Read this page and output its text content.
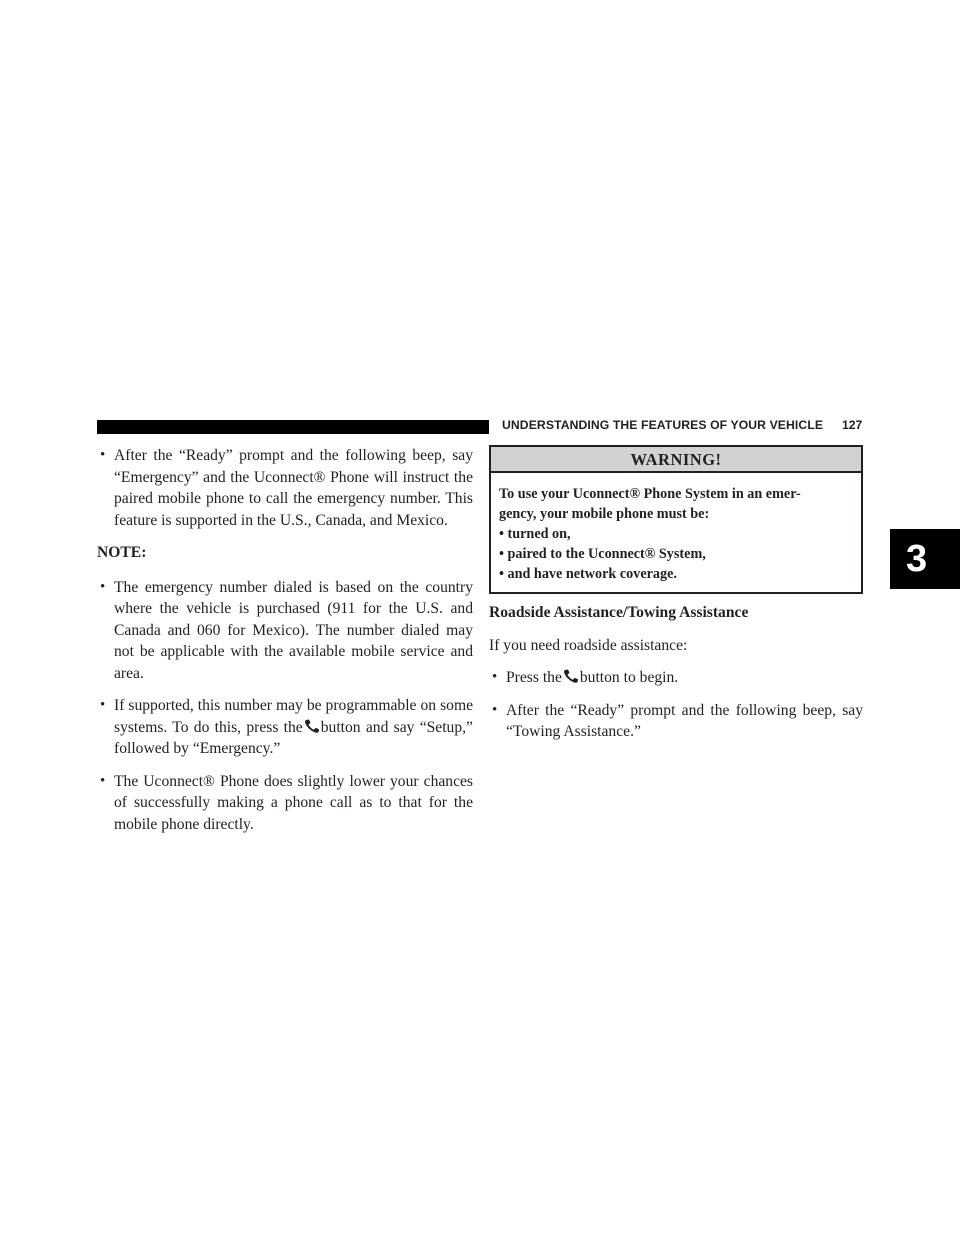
UNDERSTANDING THE FEATURES OF YOUR VEHICLE 127
3
• After the “Ready” prompt and the following beep, say “Emergency” and the Uconnect® Phone will instruct the paired mobile phone to call the emergency number. This feature is supported in the U.S., Canada, and Mexico.
NOTE:
• The emergency number dialed is based on the country where the vehicle is purchased (911 for the U.S. and Canada and 060 for Mexico). The number dialed may not be applicable with the available mobile service and area.
• If supported, this number may be programmable on some systems. To do this, press the button and say “Setup,” followed by “Emergency.”
• The Uconnect® Phone does slightly lower your chances of successfully making a phone call as to that for the mobile phone directly.
WARNING!
To use your Uconnect® Phone System in an emer-
gency, your mobile phone must be:
• turned on,
• paired to the Uconnect® System,
• and have network coverage.
Roadside Assistance/Towing Assistance
If you need roadside assistance:
• Press the button to begin.
• After the “Ready” prompt and the following beep, say “Towing Assistance.”
